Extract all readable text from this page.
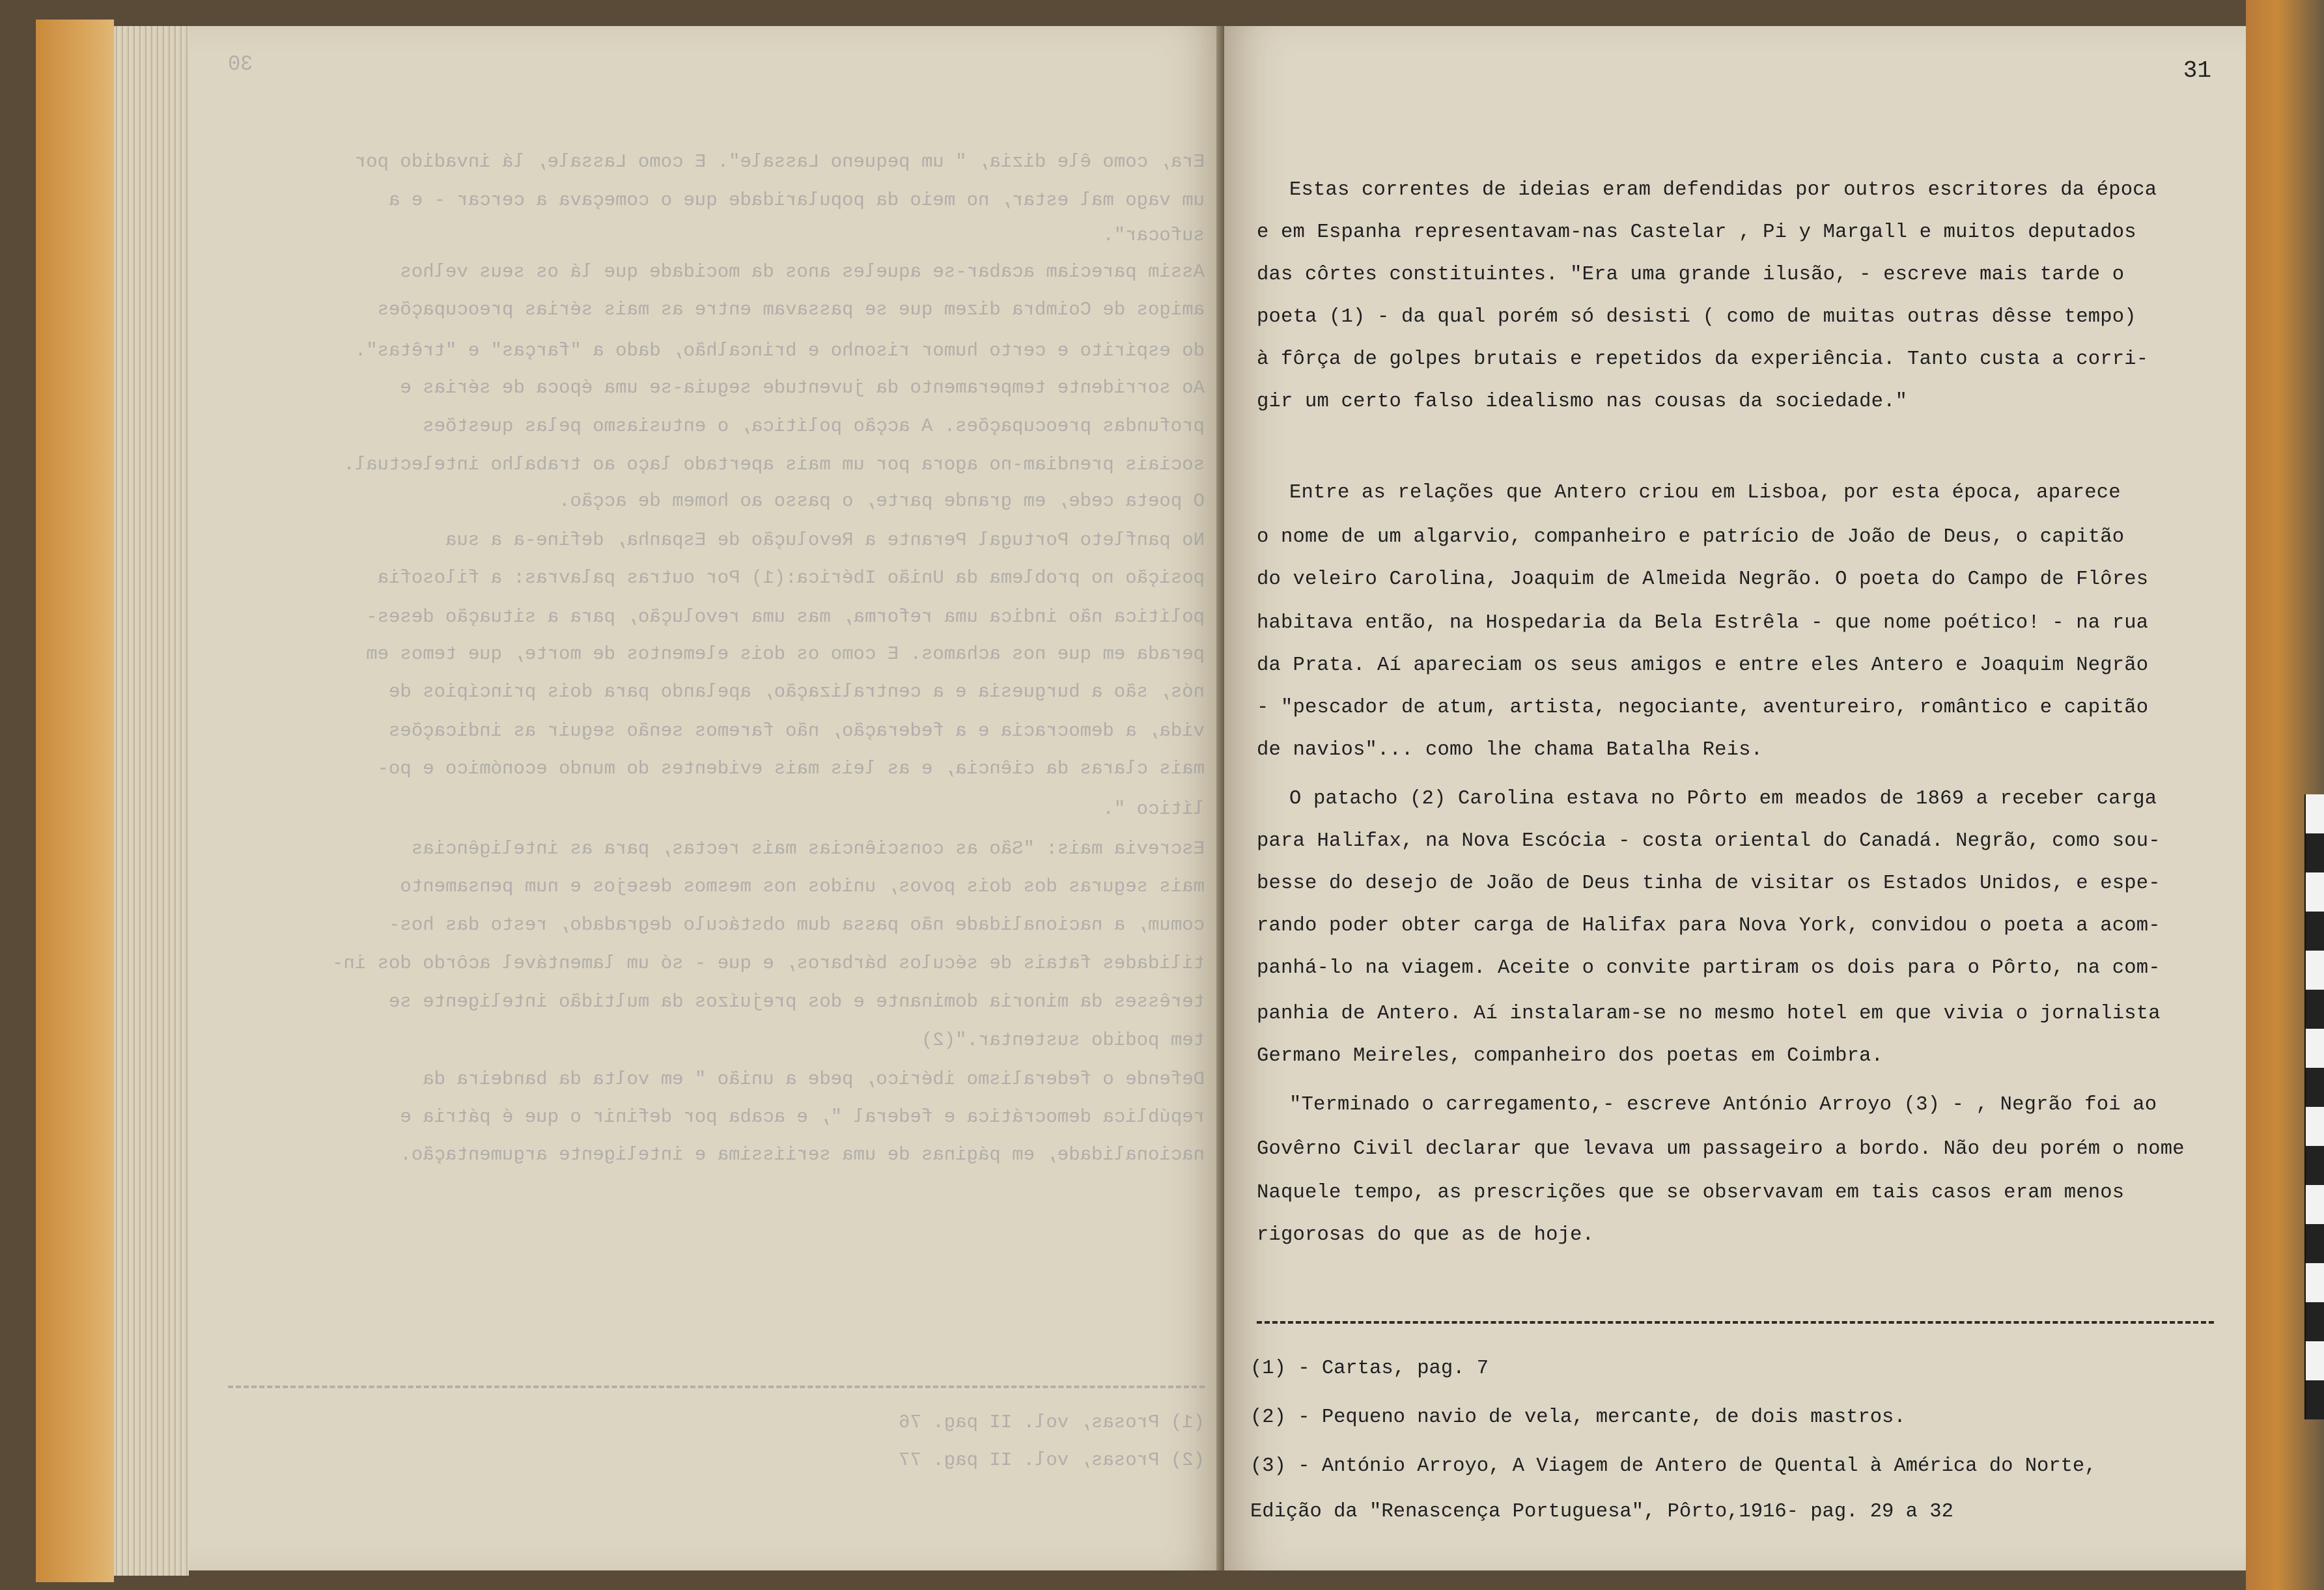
30
Era, como êle dizia, " um pequeno Lassale". E como Lassale, lá invadido por
um vago mal estar, no meio da popularidade que o começava a cercar - e a
sufocar".
Assim pareciam acabar-se aqueles anos da mocidade que lá os seus velhos
amigos de Coimbra dizem que se passavam entre as mais sérias preocupações
do espírito e certo humor risonho e brincalhão, dado a "farças" e "trêtas".
Ao sorridente temperamento da juventude seguia-se uma época de sérias e
profundas preocupações. A acção política, o entusiasmo pelas questões
sociais prendiam-no agora por um mais apertado laço ao trabalho intelectual.
O poeta cede, em grande parte, o passo ao homem de acção.
No panfleto Portugal Perante a Revolução de Espanha, define-a a sua
posição no problema da União Ibérica:(1) Por outras palavras: a filosofia
política não indica uma reforma, mas uma revolução, para a situação deses-
perada em que nos achamos. E como os dois elementos de morte, que temos em
nós, são a burguesia e a centralização, apelando para dois princípios de
vida, a democracia e a federação, não faremos senão seguir as indicações
mais claras da ciência, e as leis mais evidentes do mundo económico e po-
lítico ".
Escrevia mais: "São as consciências mais rectas, para as inteligências
mais seguras dos dois povos, unidos nos mesmos desejos e num pensamento
comum, a nacionalidade não passa dum obstáculo degradado, resto das hos-
tilidades fatais de séculos bárbaros, e que - só um lamentável acôrdo dos in-
terêsses da minoria dominante e dos prejuízos da multidão inteligente se
tem podido sustentar."(2)
Defende o federalismo ibérico, pede a união " em volta da bandeira da
república democrática e federal ", e acaba por definir o que é pátria e
nacionalidade, em páginas de uma seriíssima e inteligente argumentação.
(1) Prosas, vol. II pag. 76
(2) Prosas, vol. II pag. 77
31
Estas correntes de ideias eram defendidas por outros escritores da época
e em Espanha representavam-nas Castelar , Pi y Margall e muitos deputados
das côrtes constituintes. "Era uma grande ilusão, - escreve mais tarde o
poeta (1) - da qual porém só desisti ( como de muitas outras dêsse tempo)
à fôrça de golpes brutais e repetidos da experiência. Tanto custa a corri-
gir um certo falso idealismo nas cousas da sociedade."
Entre as relações que Antero criou em Lisboa, por esta época, aparece
o nome de um algarvio, companheiro e patrício de João de Deus, o capitão
do veleiro Carolina, Joaquim de Almeida Negrão. O poeta do Campo de Flôres
habitava então, na Hospedaria da Bela Estrêla - que nome poético! - na rua
da Prata. Aí apareciam os seus amigos e entre eles Antero e Joaquim Negrão
- "pescador de atum, artista, negociante, aventureiro, romântico e capitão
de navios"... como lhe chama Batalha Reis.
O patacho (2) Carolina estava no Pôrto em meados de 1869 a receber carga
para Halifax, na Nova Escócia - costa oriental do Canadá. Negrão, como sou-
besse do desejo de João de Deus tinha de visitar os Estados Unidos, e espe-
rando poder obter carga de Halifax para Nova York, convidou o poeta a acom-
panhá-lo na viagem. Aceite o convite partiram os dois para o Pôrto, na com-
panhia de Antero. Aí instalaram-se no mesmo hotel em que vivia o jornalista
Germano Meireles, companheiro dos poetas em Coimbra.
"Terminado o carregamento,- escreve António Arroyo (3) - , Negrão foi ao
Govêrno Civil declarar que levava um passageiro a bordo. Não deu porém o nome
Naquele tempo, as prescrições que se observavam em tais casos eram menos
rigorosas do que as de hoje.
(1) - Cartas, pag. 7
(2) - Pequeno navio de vela, mercante, de dois mastros.
(3) - António Arroyo, A Viagem de Antero de Quental à América do Norte,
Edição da "Renascença Portuguesa", Pôrto,1916- pag. 29 a 32
